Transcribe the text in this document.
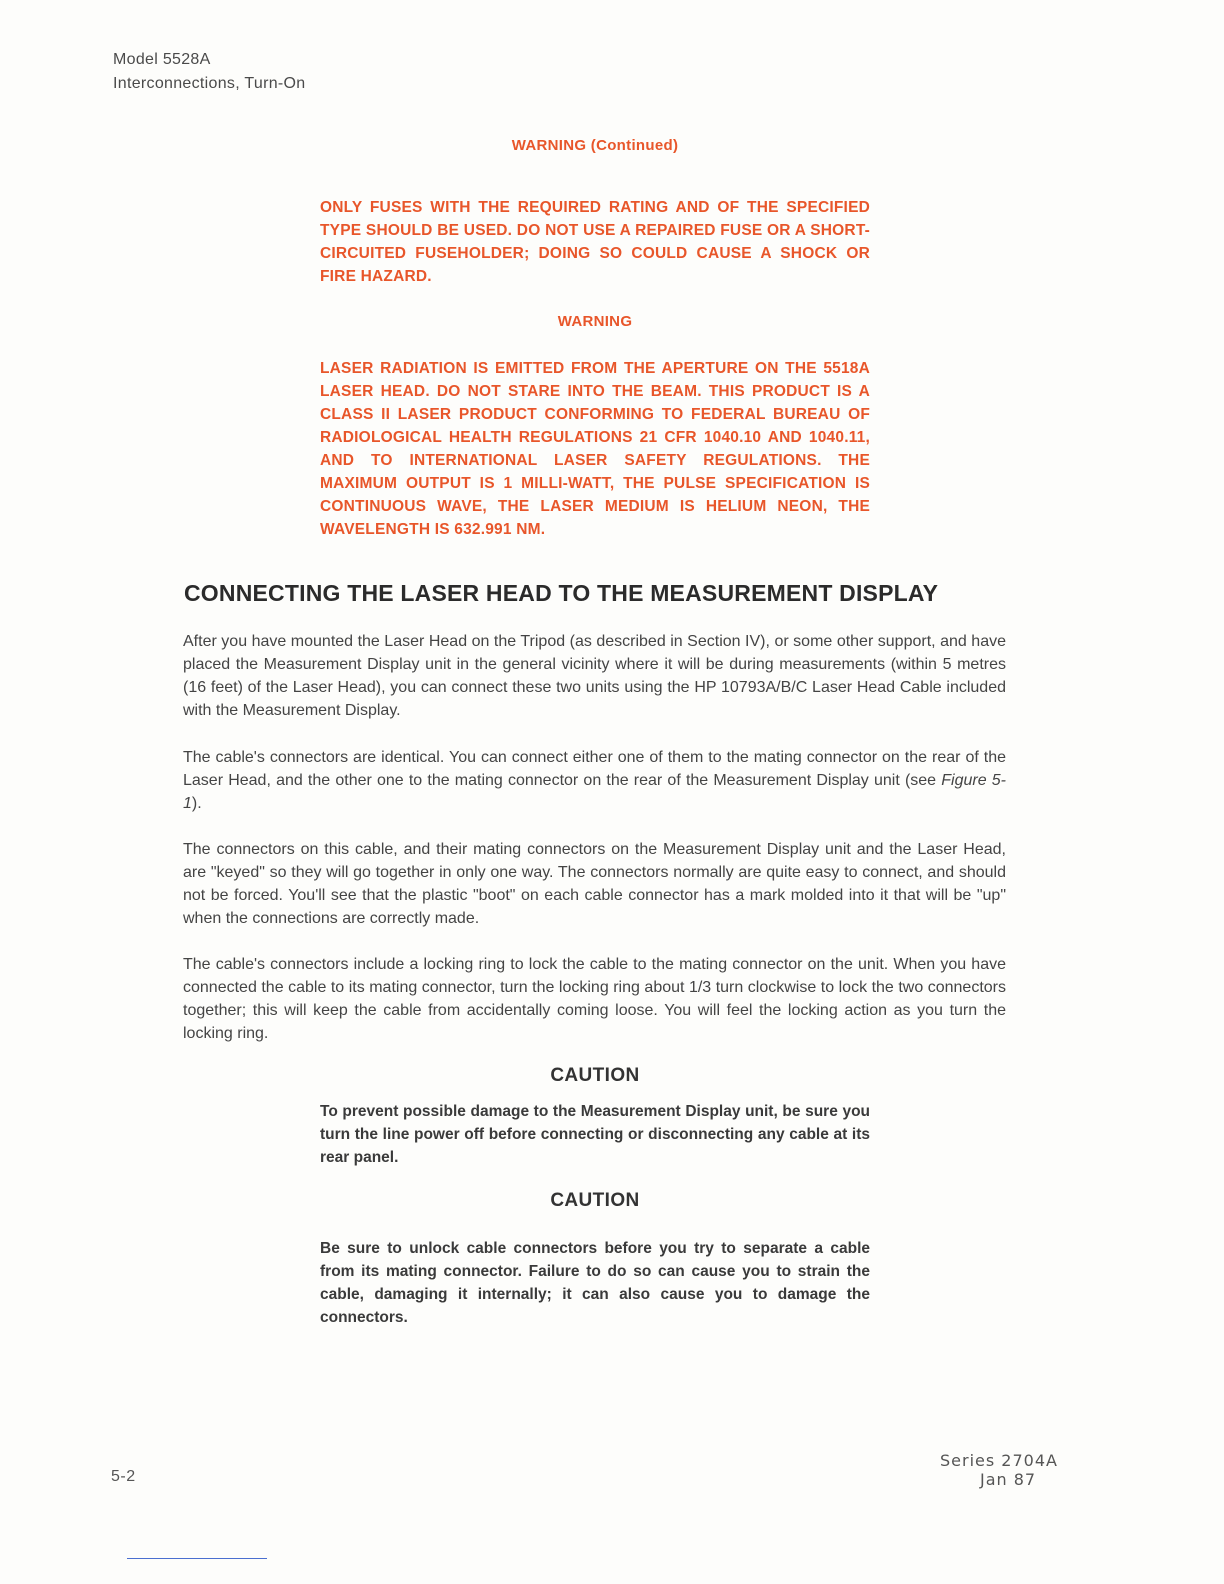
Model 5528A
Interconnections, Turn-On
WARNING (Continued)
ONLY FUSES WITH THE REQUIRED RATING AND OF THE SPECIFIED TYPE SHOULD BE USED. DO NOT USE A REPAIRED FUSE OR A SHORT-CIRCUITED FUSEHOLDER; DOING SO COULD CAUSE A SHOCK OR FIRE HAZARD.
WARNING
LASER RADIATION IS EMITTED FROM THE APERTURE ON THE 5518A LASER HEAD. DO NOT STARE INTO THE BEAM. THIS PRODUCT IS A CLASS II LASER PRODUCT CONFORMING TO FEDERAL BUREAU OF RADIOLOGICAL HEALTH REGULATIONS 21 CFR 1040.10 AND 1040.11, AND TO INTERNATIONAL LASER SAFETY REGULATIONS. THE MAXIMUM OUTPUT IS 1 MILLI-WATT, THE PULSE SPECIFICATION IS CONTINUOUS WAVE, THE LASER MEDIUM IS HELIUM NEON, THE WAVELENGTH IS 632.991 NM.
CONNECTING THE LASER HEAD TO THE MEASUREMENT DISPLAY
After you have mounted the Laser Head on the Tripod (as described in Section IV), or some other support, and have placed the Measurement Display unit in the general vicinity where it will be during measurements (within 5 metres (16 feet) of the Laser Head), you can connect these two units using the HP 10793A/B/C Laser Head Cable included with the Measurement Display.
The cable's connectors are identical. You can connect either one of them to the mating connector on the rear of the Laser Head, and the other one to the mating connector on the rear of the Measurement Display unit (see Figure 5-1).
The connectors on this cable, and their mating connectors on the Measurement Display unit and the Laser Head, are "keyed" so they will go together in only one way. The connectors normally are quite easy to connect, and should not be forced. You'll see that the plastic "boot" on each cable connector has a mark molded into it that will be "up" when the connections are correctly made.
The cable's connectors include a locking ring to lock the cable to the mating connector on the unit. When you have connected the cable to its mating connector, turn the locking ring about 1/3 turn clockwise to lock the two connectors together; this will keep the cable from accidentally coming loose. You will feel the locking action as you turn the locking ring.
CAUTION
To prevent possible damage to the Measurement Display unit, be sure you turn the line power off before connecting or disconnecting any cable at its rear panel.
CAUTION
Be sure to unlock cable connectors before you try to separate a cable from its mating connector. Failure to do so can cause you to strain the cable, damaging it internally; it can also cause you to damage the connectors.
5-2
Series 2704A
Jan 87
